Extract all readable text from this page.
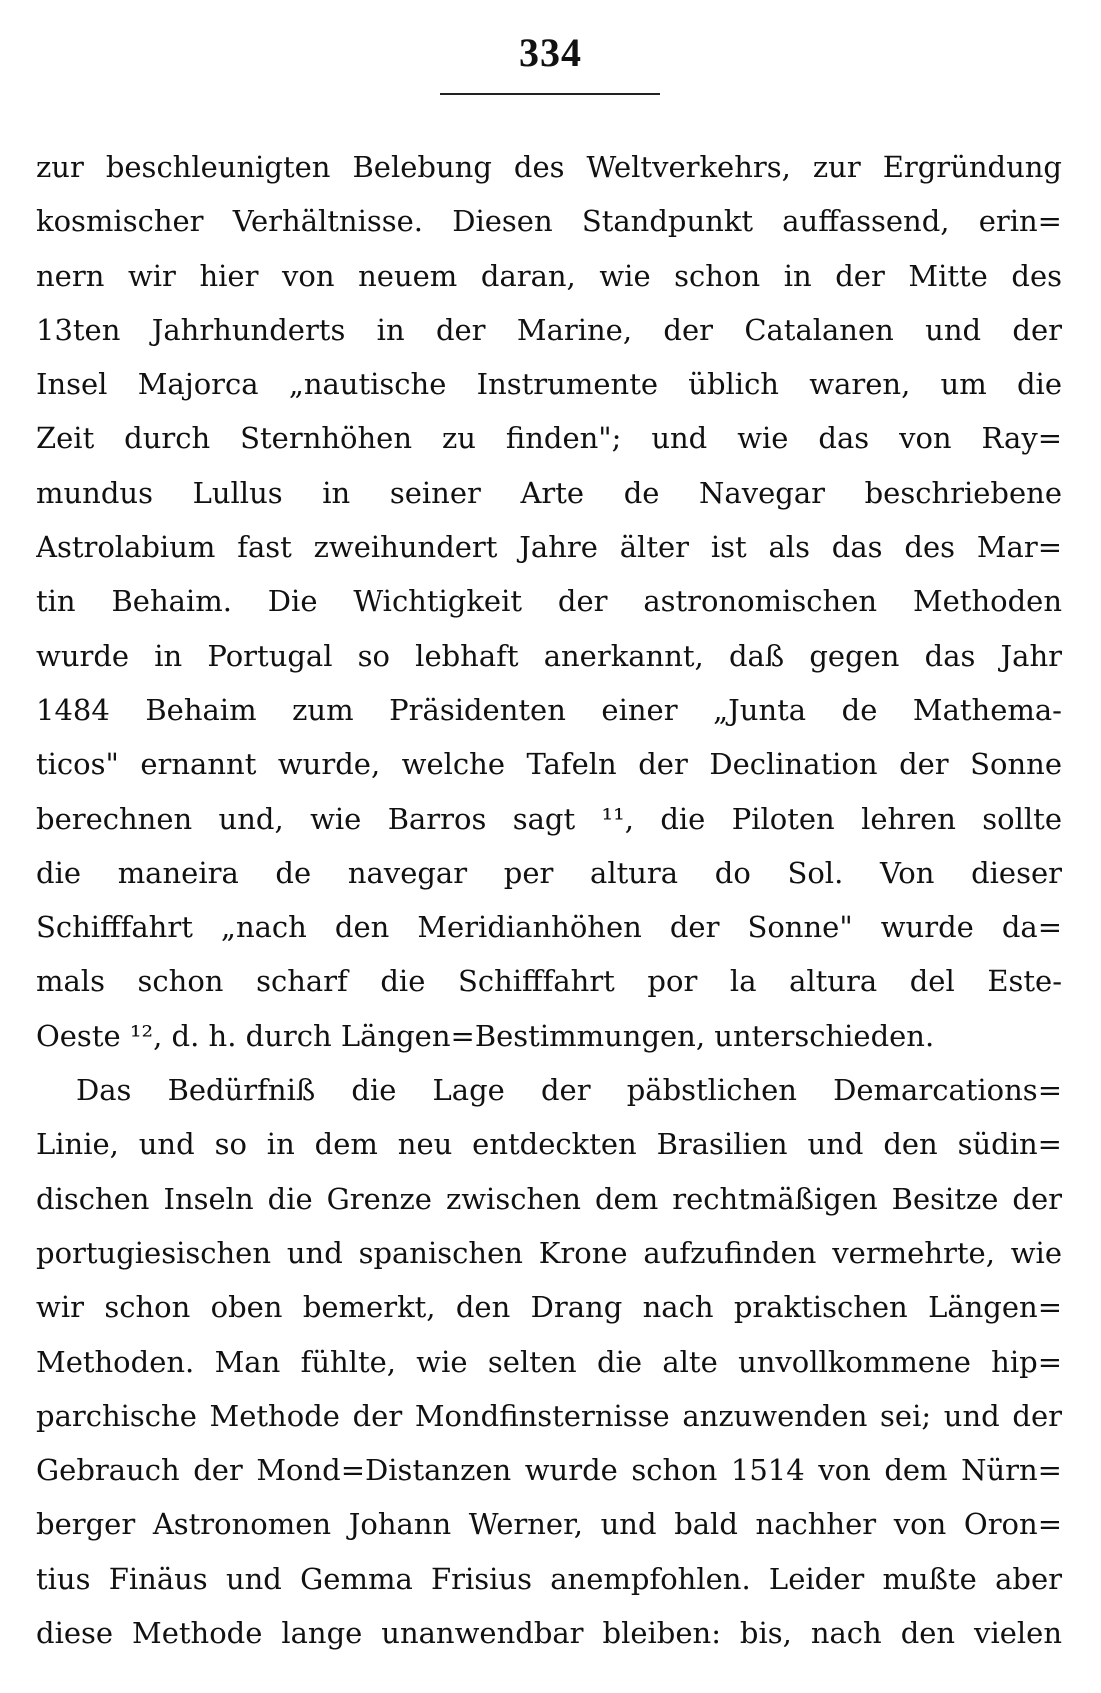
334
zur beschleunigten Belebung des Weltverkehrs, zur Ergründung
kosmischer Verhältnisse. Diesen Standpunkt auffassend, erin=
nern wir hier von neuem daran, wie schon in der Mitte des
13ten Jahrhunderts in der Marine, der Catalanen und der
Insel Majorca „nautische Instrumente üblich waren, um die
Zeit durch Sternhöhen zu finden"; und wie das von Ray=
mundus Lullus in seiner Arte de Navegar beschriebene
Astrolabium fast zweihundert Jahre älter ist als das des Mar=
tin Behaim. Die Wichtigkeit der astronomischen Methoden
wurde in Portugal so lebhaft anerkannt, daß gegen das Jahr
1484 Behaim zum Präsidenten einer „Junta de Mathema-
ticos" ernannt wurde, welche Tafeln der Declination der Sonne
berechnen und, wie Barros sagt ¹¹, die Piloten lehren sollte
die maneira de navegar per altura do Sol. Von dieser
Schifffahrt „nach den Meridianhöhen der Sonne" wurde da=
mals schon scharf die Schifffahrt por la altura del Este-
Oeste ¹², d. h. durch Längen=Bestimmungen, unterschieden.
Das Bedürfniß die Lage der päbstlichen Demarcations=
Linie, und so in dem neu entdeckten Brasilien und den südin=
dischen Inseln die Grenze zwischen dem rechtmäßigen Besitze der
portugiesischen und spanischen Krone aufzufinden vermehrte, wie
wir schon oben bemerkt, den Drang nach praktischen Längen=
Methoden. Man fühlte, wie selten die alte unvollkommene hip=
parchische Methode der Mondfinsternisse anzuwenden sei; und der
Gebrauch der Mond=Distanzen wurde schon 1514 von dem Nürn=
berger Astronomen Johann Werner, und bald nachher von Oron=
tius Finäus und Gemma Frisius anempfohlen. Leider mußte aber
diese Methode lange unanwendbar bleiben: bis, nach den vielen
